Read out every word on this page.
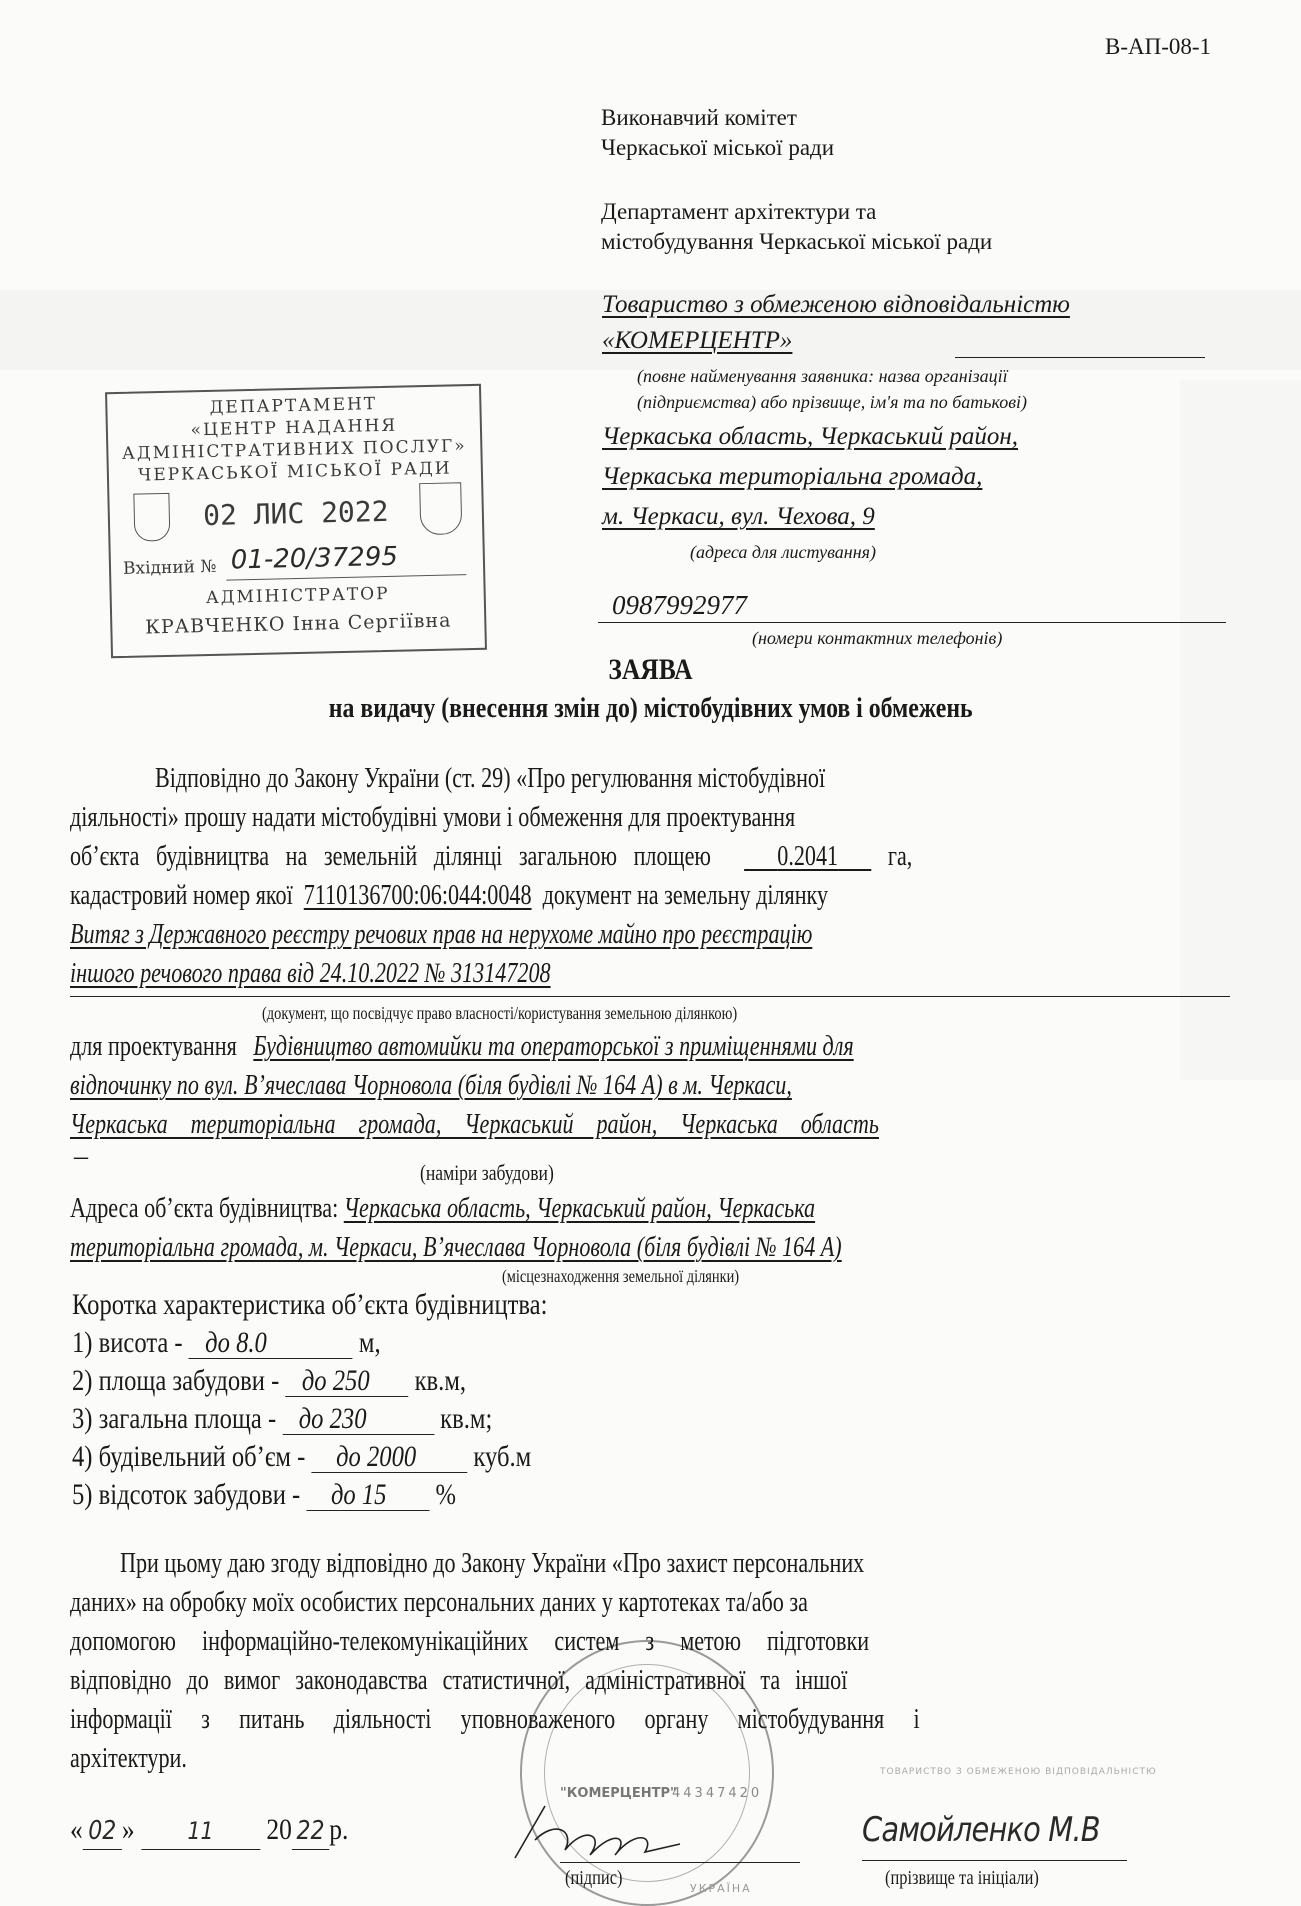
В-АП-08-1
Виконавчий комітет
Черкаської міської ради
Департамент архітектури та
містобудування Черкаської міської ради
Товариство з обмеженою відповідальністю
«КОМЕРЦЕНТР»
(повне найменування заявника: назва організації
(підприємства) або прізвище, ім'я та по батькові)
Черкаська область, Черкаський район,
Черкаська територіальна громада,
м. Черкаси, вул. Чехова, 9
(адреса для листування)
0987992977
(номери контактних телефонів)
ДЕПАРТАМЕНТ
«ЦЕНТР НАДАННЯ
АДМІНІСТРАТИВНИХ ПОСЛУГ»
ЧЕРКАСЬКОЇ МІСЬКОЇ РАДИ
02 ЛИС 2022
Вхідний № 01-20/37295
АДМІНІСТРАТОР
КРАВЧЕНКО Інна Сергіївна
ЗАЯВА
на видачу (внесення змін до) містобудівних умов і обмежень
Відповідно до Закону України (ст. 29) «Про регулювання містобудівної
діяльності» прошу надати містобудівні умови і обмеження для проектування
об’єкта будівництва на земельній ділянці загальною площею 0.2041 га,
кадастровий номер якої 7110136700:06:044:0048 документ на земельну ділянку
Витяг з Державного реєстру речових прав на нерухоме майно про реєстрацію
іншого речового права від 24.10.2022 № 313147208
(документ, що посвідчує право власності/користування земельною ділянкою)
для проектування Будівництво автомийки та операторської з приміщеннями для
відпочинку по вул. В’ячеслава Чорновола (біля будівлі № 164 А) в м. Черкаси,
Черкаська територіальна громада, Черкаський район, Черкаська область
–
(наміри забудови)
Адреса об’єкта будівництва: Черкаська область, Черкаський район, Черкаська
територіальна громада, м. Черкаси, В’ячеслава Чорновола (біля будівлі № 164 А)
(місцезнаходження земельної ділянки)
Коротка характеристика об’єкта будівництва:
1) висота - до 8.0	м,
2) площа забудови - до 250 кв.м,
3) загальна площа - до 230 кв.м;
4) будівельний об’єм - до 2000 куб.м
5) відсоток забудови - до 15 %
"КОМЕРЦЕНТР"
44347420
УКРАЇНА
ТОВАРИСТВО З ОБМЕЖЕНОЮ ВІДПОВІДАЛЬНІСТЮ
При цьому даю згоду відповідно до Закону України «Про захист персональних
даних» на обробку моїх особистих персональних даних у картотеках та/або за
допомогою інформаційно-телекомунікаційних систем з метою підготовки
відповідно до вимог законодавства статистичної, адміністративної та іншої
інформації з питань діяльності уповноваженого органу містобудування і
архітектури.
« 02 » 11 20 22 р.
(підпис)
Самойленко М.В
(прізвище та ініціали)
